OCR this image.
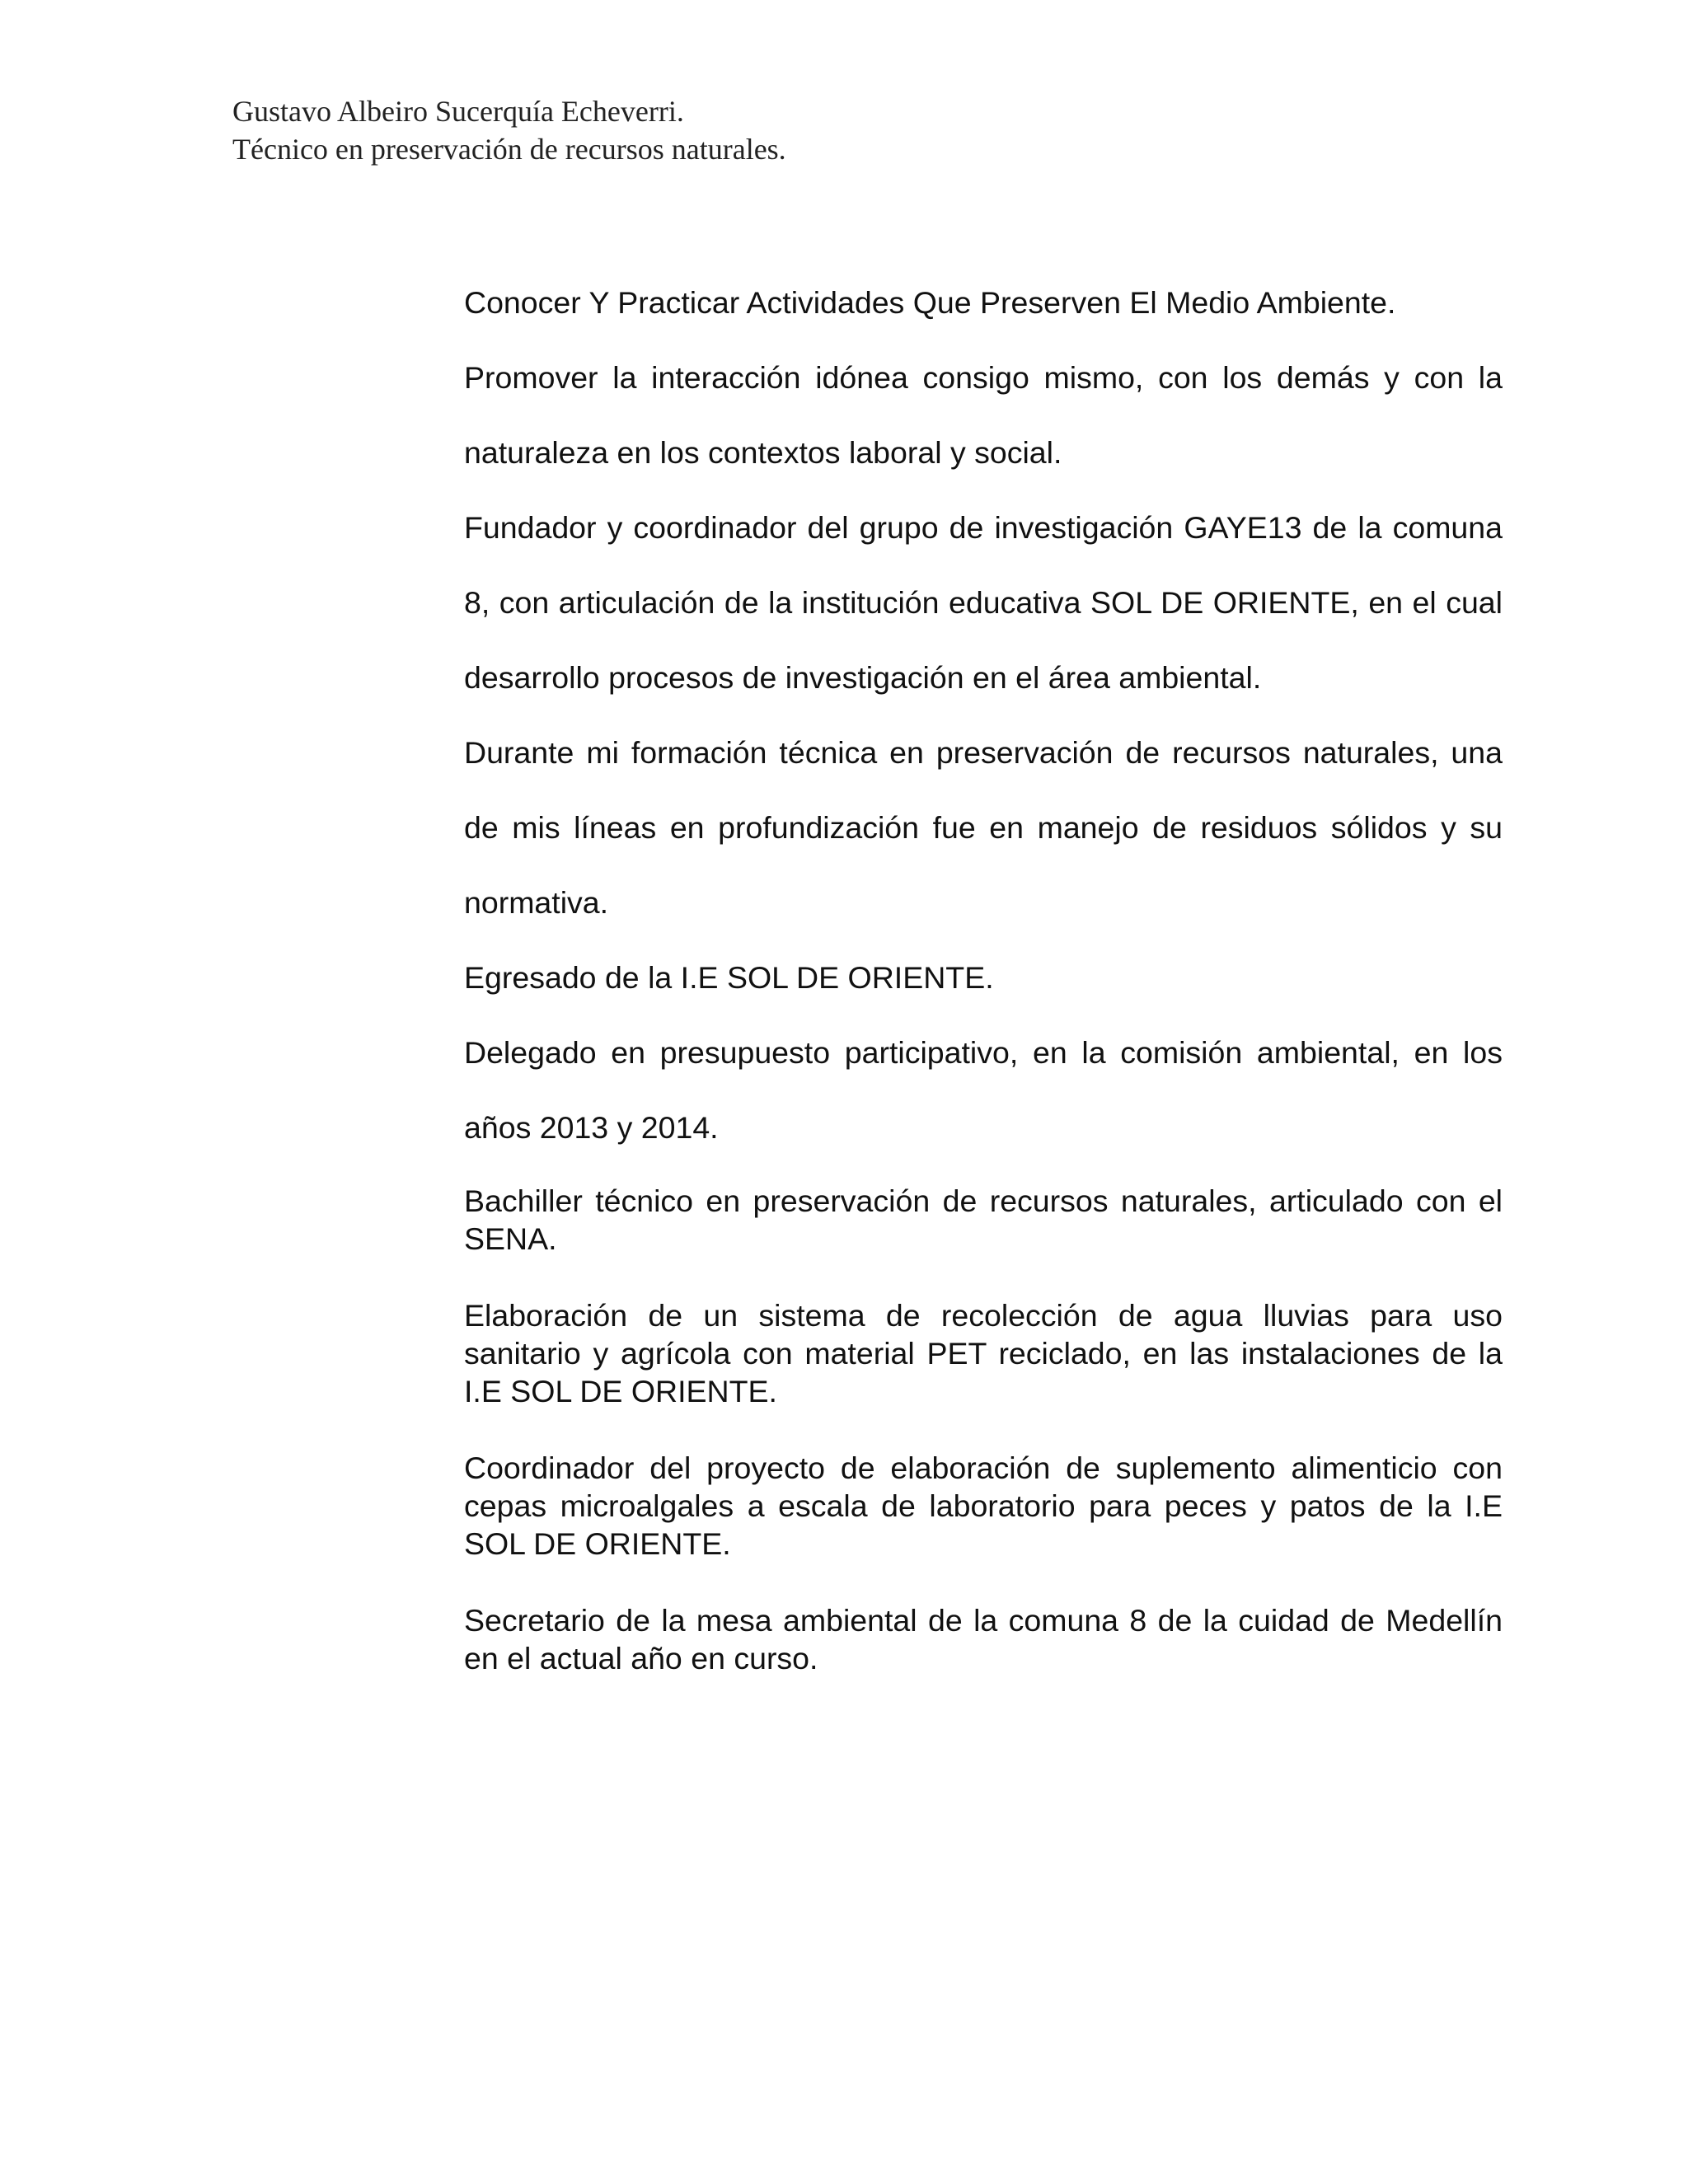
Gustavo Albeiro Sucerquía Echeverri.
Técnico en preservación de recursos naturales.

Conocer Y Practicar Actividades Que Preserven El Medio Ambiente.

Promover la interacción idónea consigo mismo, con los demás y con la naturaleza en los contextos laboral y social.

Fundador y coordinador del grupo de investigación GAYE13 de la comuna 8, con articulación de la institución educativa SOL DE ORIENTE, en el cual desarrollo procesos de investigación en el área ambiental.

Durante mi formación técnica en preservación de recursos naturales, una de mis líneas en profundización fue en manejo de residuos sólidos y su normativa.

Egresado de la I.E SOL DE ORIENTE.

Delegado en presupuesto participativo, en la comisión ambiental, en los años 2013 y 2014.

Bachiller técnico en preservación de recursos naturales, articulado con el SENA.

Elaboración de un sistema de recolección de agua lluvias para uso sanitario y agrícola con material PET reciclado, en las instalaciones de la I.E SOL DE ORIENTE.

Coordinador del proyecto de elaboración de suplemento alimenticio con cepas microalgales a escala de laboratorio para peces y patos de la I.E SOL DE ORIENTE.

Secretario de la mesa ambiental de la comuna 8 de la cuidad de Medellín en el actual año en curso.
